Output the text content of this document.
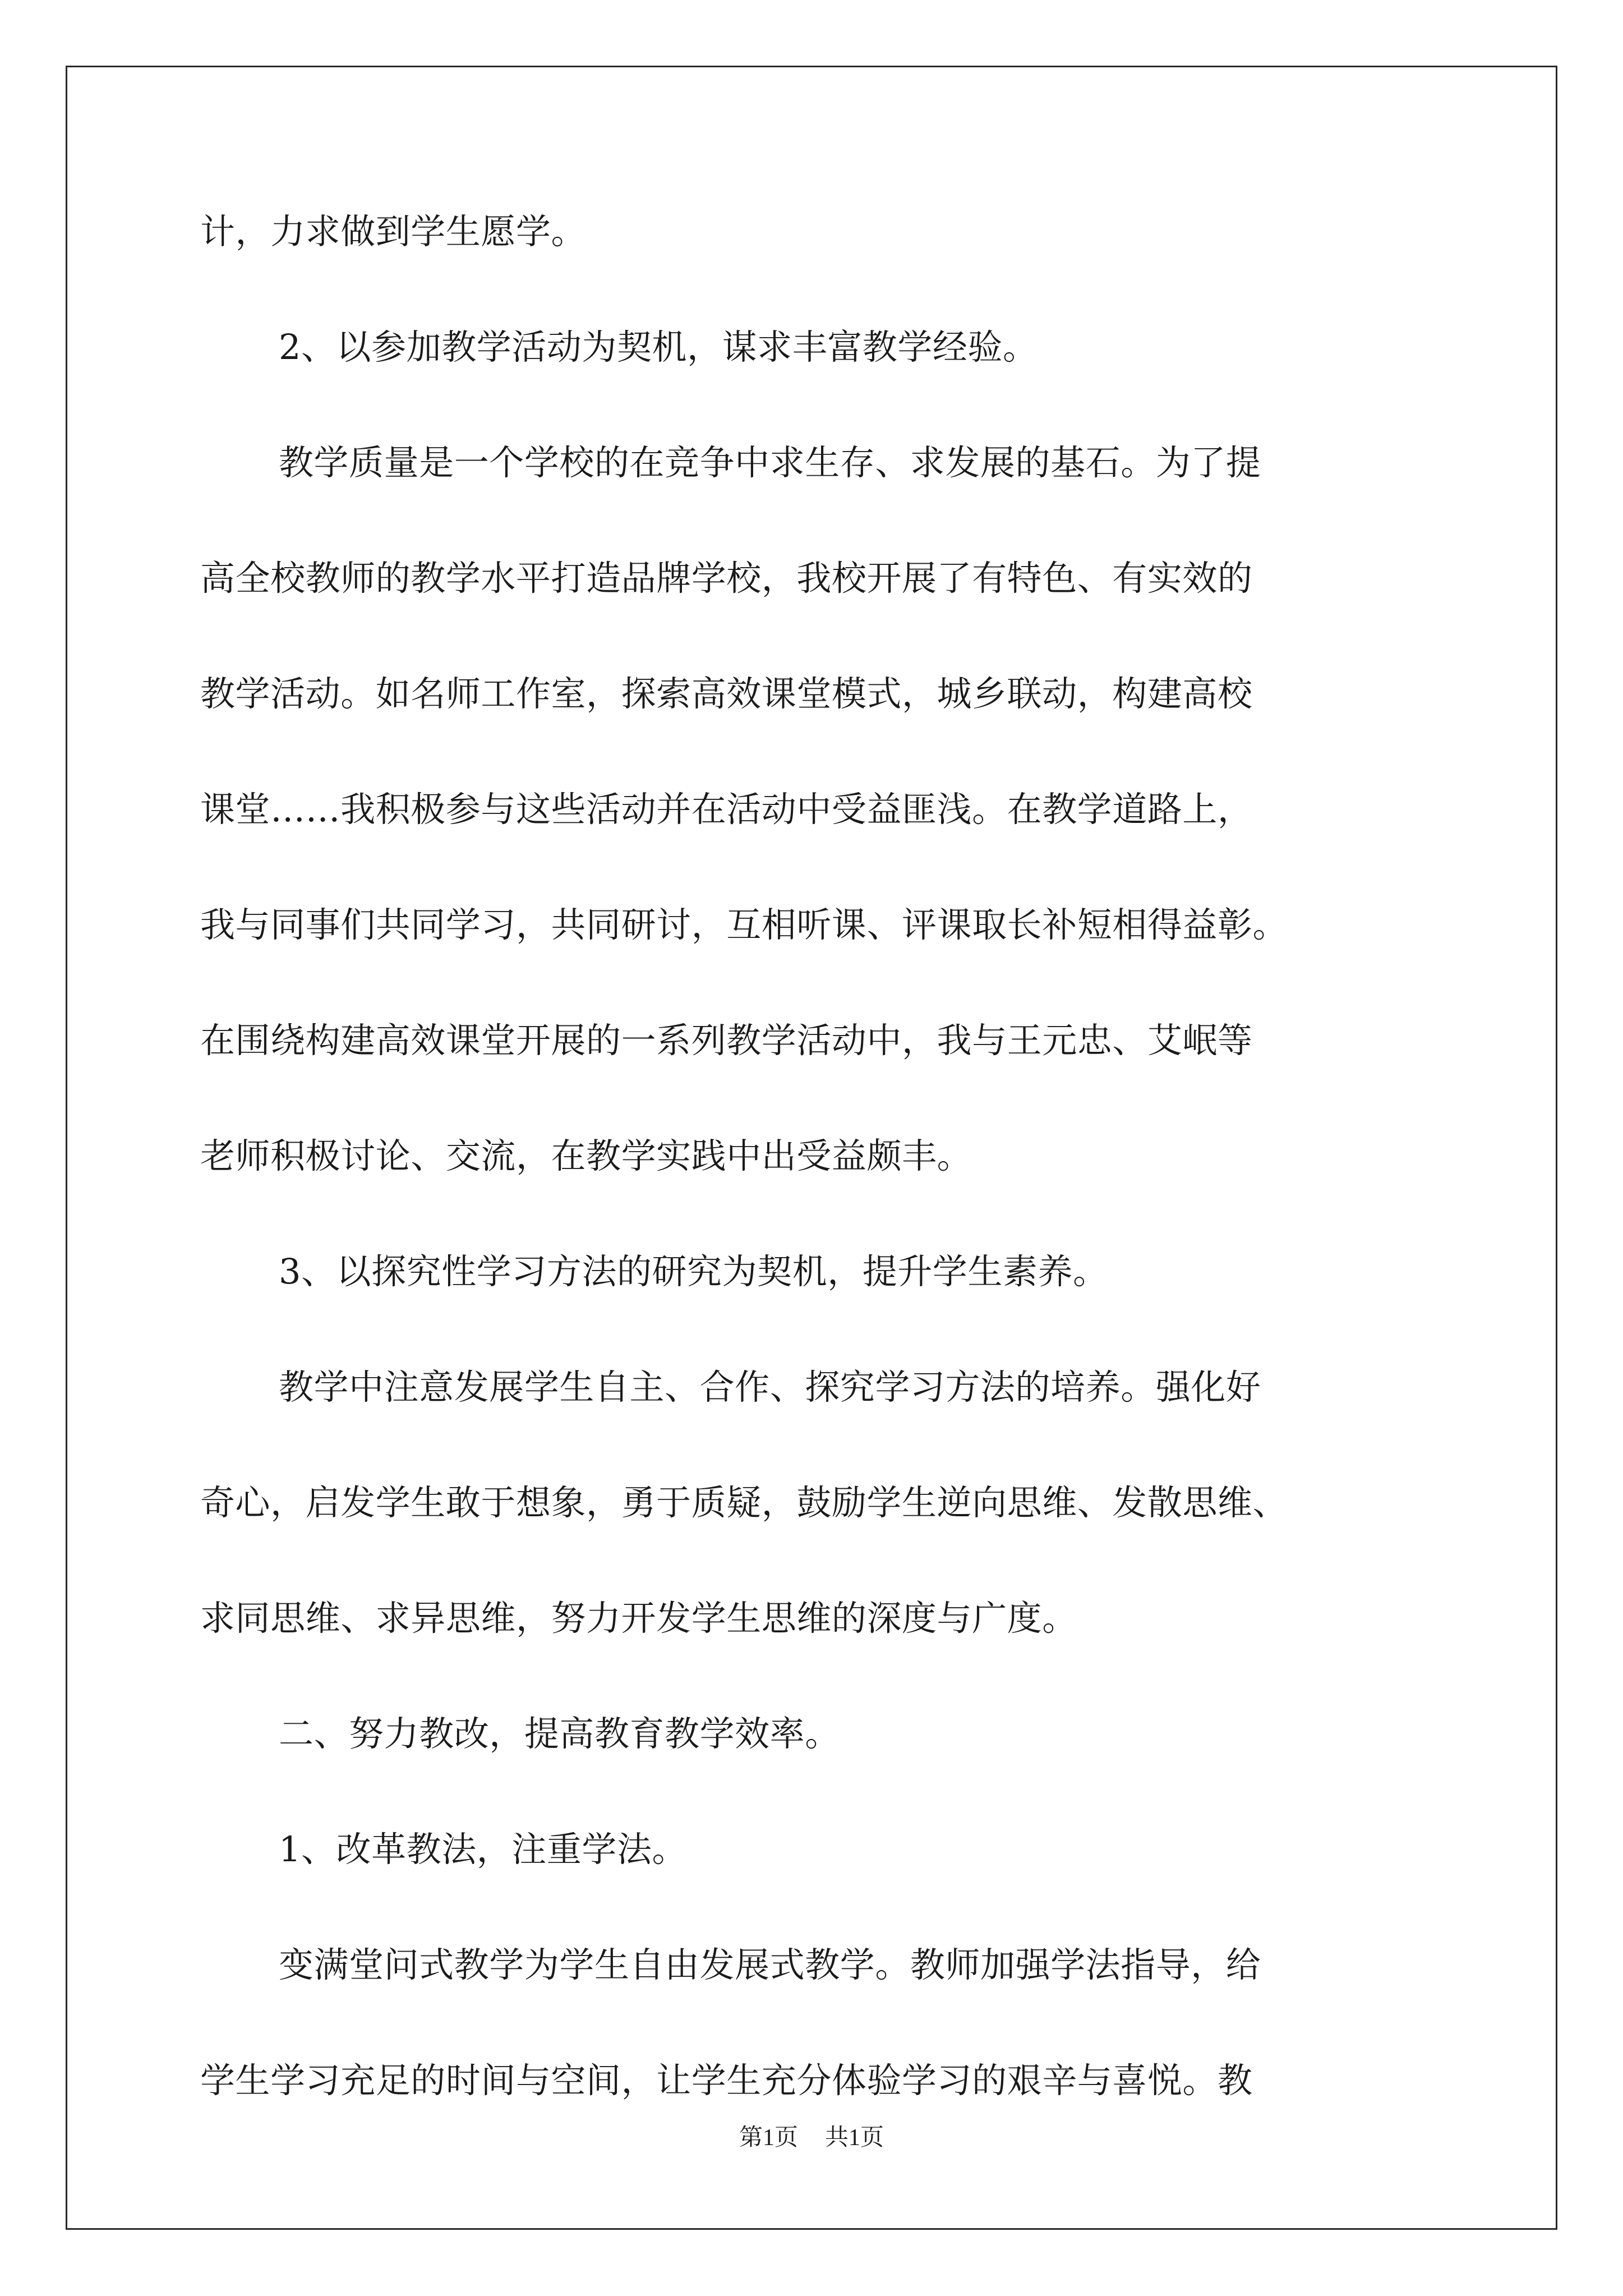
计，力求做到学生愿学。
2、以参加教学活动为契机，谋求丰富教学经验。
教学质量是一个学校的在竞争中求生存、求发展的基石。为了提
高全校教师的教学水平打造品牌学校，我校开展了有特色、有实效的
教学活动。如名师工作室，探索高效课堂模式，城乡联动，构建高校
课堂……我积极参与这些活动并在活动中受益匪浅。在教学道路上，
我与同事们共同学习，共同研讨，互相听课、评课取长补短相得益彰。
在围绕构建高效课堂开展的一系列教学活动中，我与王元忠、艾岷等
老师积极讨论、交流，在教学实践中出受益颇丰。
3、以探究性学习方法的研究为契机，提升学生素养。
教学中注意发展学生自主、合作、探究学习方法的培养。强化好
奇心，启发学生敢于想象，勇于质疑，鼓励学生逆向思维、发散思维、
求同思维、求异思维，努力开发学生思维的深度与广度。
二、努力教改，提高教育教学效率。
1、改革教法，注重学法。
变满堂问式教学为学生自由发展式教学。教师加强学法指导，给
学生学习充足的时间与空间，让学生充分体验学习的艰辛与喜悦。教
第1页 共1页
